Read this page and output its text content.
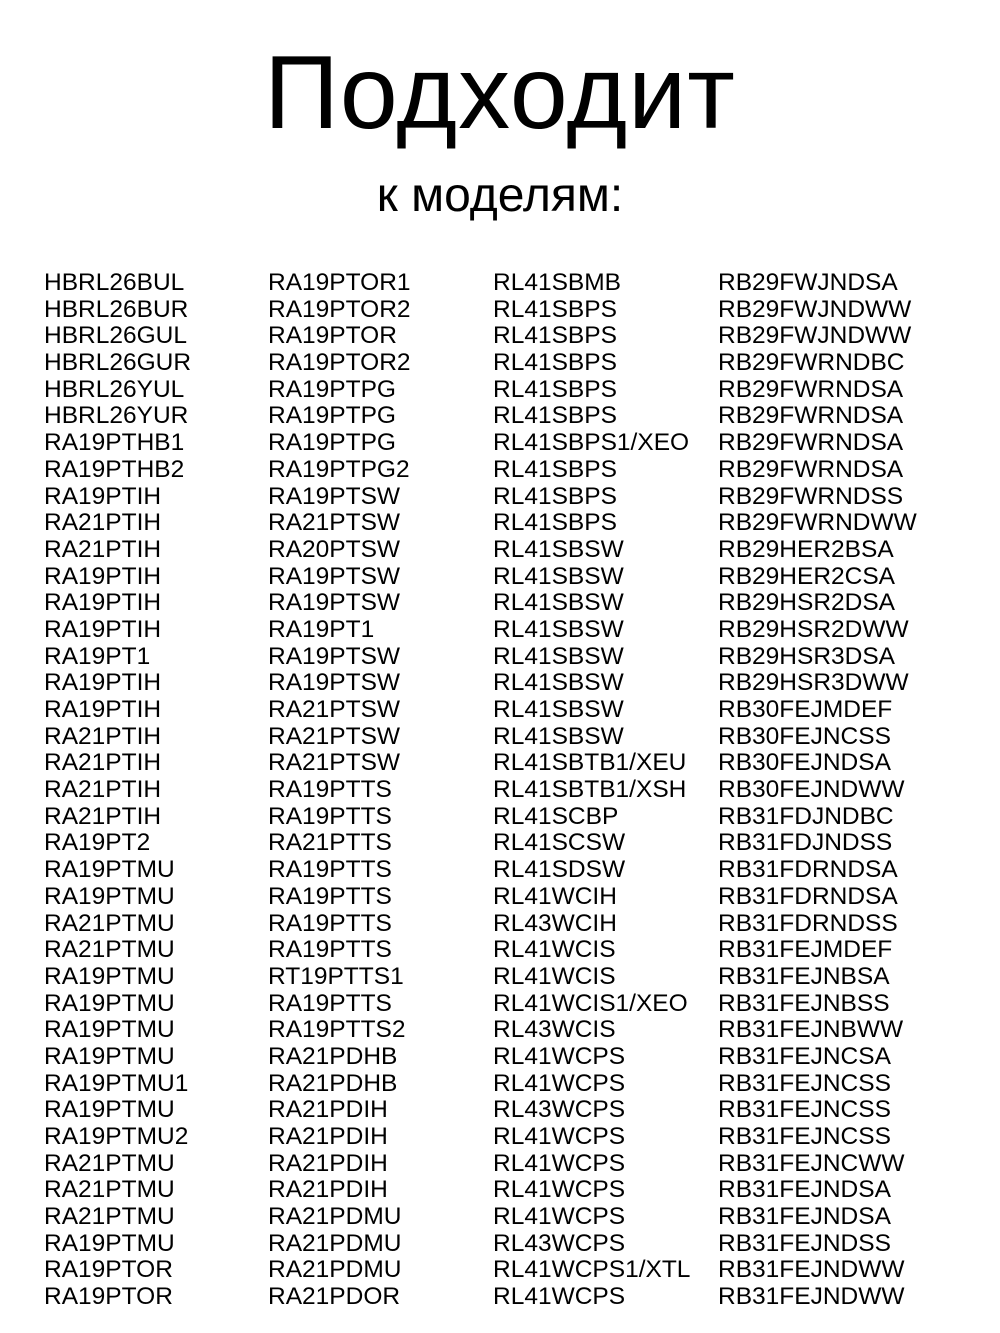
Подходит
к моделям:
HBRL26BUL
HBRL26BUR
HBRL26GUL
HBRL26GUR
HBRL26YUL
HBRL26YUR
RA19PTHB1
RA19PTHB2
RA19PTIH
RA21PTIH
RA21PTIH
RA19PTIH
RA19PTIH
RA19PTIH
RA19PT1
RA19PTIH
RA19PTIH
RA21PTIH
RA21PTIH
RA21PTIH
RA21PTIH
RA19PT2
RA19PTMU
RA19PTMU
RA21PTMU
RA21PTMU
RA19PTMU
RA19PTMU
RA19PTMU
RA19PTMU
RA19PTMU1
RA19PTMU
RA19PTMU2
RA21PTMU
RA21PTMU
RA21PTMU
RA19PTMU
RA19PTOR
RA19PTOR
RA19PTOR1
RA19PTOR2
RA19PTOR
RA19PTOR2
RA19PTPG
RA19PTPG
RA19PTPG
RA19PTPG2
RA19PTSW
RA21PTSW
RA20PTSW
RA19PTSW
RA19PTSW
RA19PT1
RA19PTSW
RA19PTSW
RA21PTSW
RA21PTSW
RA21PTSW
RA19PTTS
RA19PTTS
RA21PTTS
RA19PTTS
RA19PTTS
RA19PTTS
RA19PTTS
RT19PTTS1
RA19PTTS
RA19PTTS2
RA21PDHB
RA21PDHB
RA21PDIH
RA21PDIH
RA21PDIH
RA21PDIH
RA21PDMU
RA21PDMU
RA21PDMU
RA21PDOR
RL41SBMB
RL41SBPS
RL41SBPS
RL41SBPS
RL41SBPS
RL41SBPS
RL41SBPS1/XEO
RL41SBPS
RL41SBPS
RL41SBPS
RL41SBSW
RL41SBSW
RL41SBSW
RL41SBSW
RL41SBSW
RL41SBSW
RL41SBSW
RL41SBSW
RL41SBTB1/XEU
RL41SBTB1/XSH
RL41SCBP
RL41SCSW
RL41SDSW
RL41WCIH
RL43WCIH
RL41WCIS
RL41WCIS
RL41WCIS1/XEO
RL43WCIS
RL41WCPS
RL41WCPS
RL43WCPS
RL41WCPS
RL41WCPS
RL41WCPS
RL41WCPS
RL43WCPS
RL41WCPS1/XTL
RL41WCPS
RB29FWJNDSA
RB29FWJNDWW
RB29FWJNDWW
RB29FWRNDBC
RB29FWRNDSA
RB29FWRNDSA
RB29FWRNDSA
RB29FWRNDSA
RB29FWRNDSS
RB29FWRNDWW
RB29HER2BSA
RB29HER2CSA
RB29HSR2DSA
RB29HSR2DWW
RB29HSR3DSA
RB29HSR3DWW
RB30FEJMDEF
RB30FEJNCSS
RB30FEJNDSA
RB30FEJNDWW
RB31FDJNDBC
RB31FDJNDSS
RB31FDRNDSA
RB31FDRNDSA
RB31FDRNDSS
RB31FEJMDEF
RB31FEJNBSA
RB31FEJNBSS
RB31FEJNBWW
RB31FEJNCSA
RB31FEJNCSS
RB31FEJNCSS
RB31FEJNCSS
RB31FEJNCWW
RB31FEJNDSA
RB31FEJNDSA
RB31FEJNDSS
RB31FEJNDWW
RB31FEJNDWW
